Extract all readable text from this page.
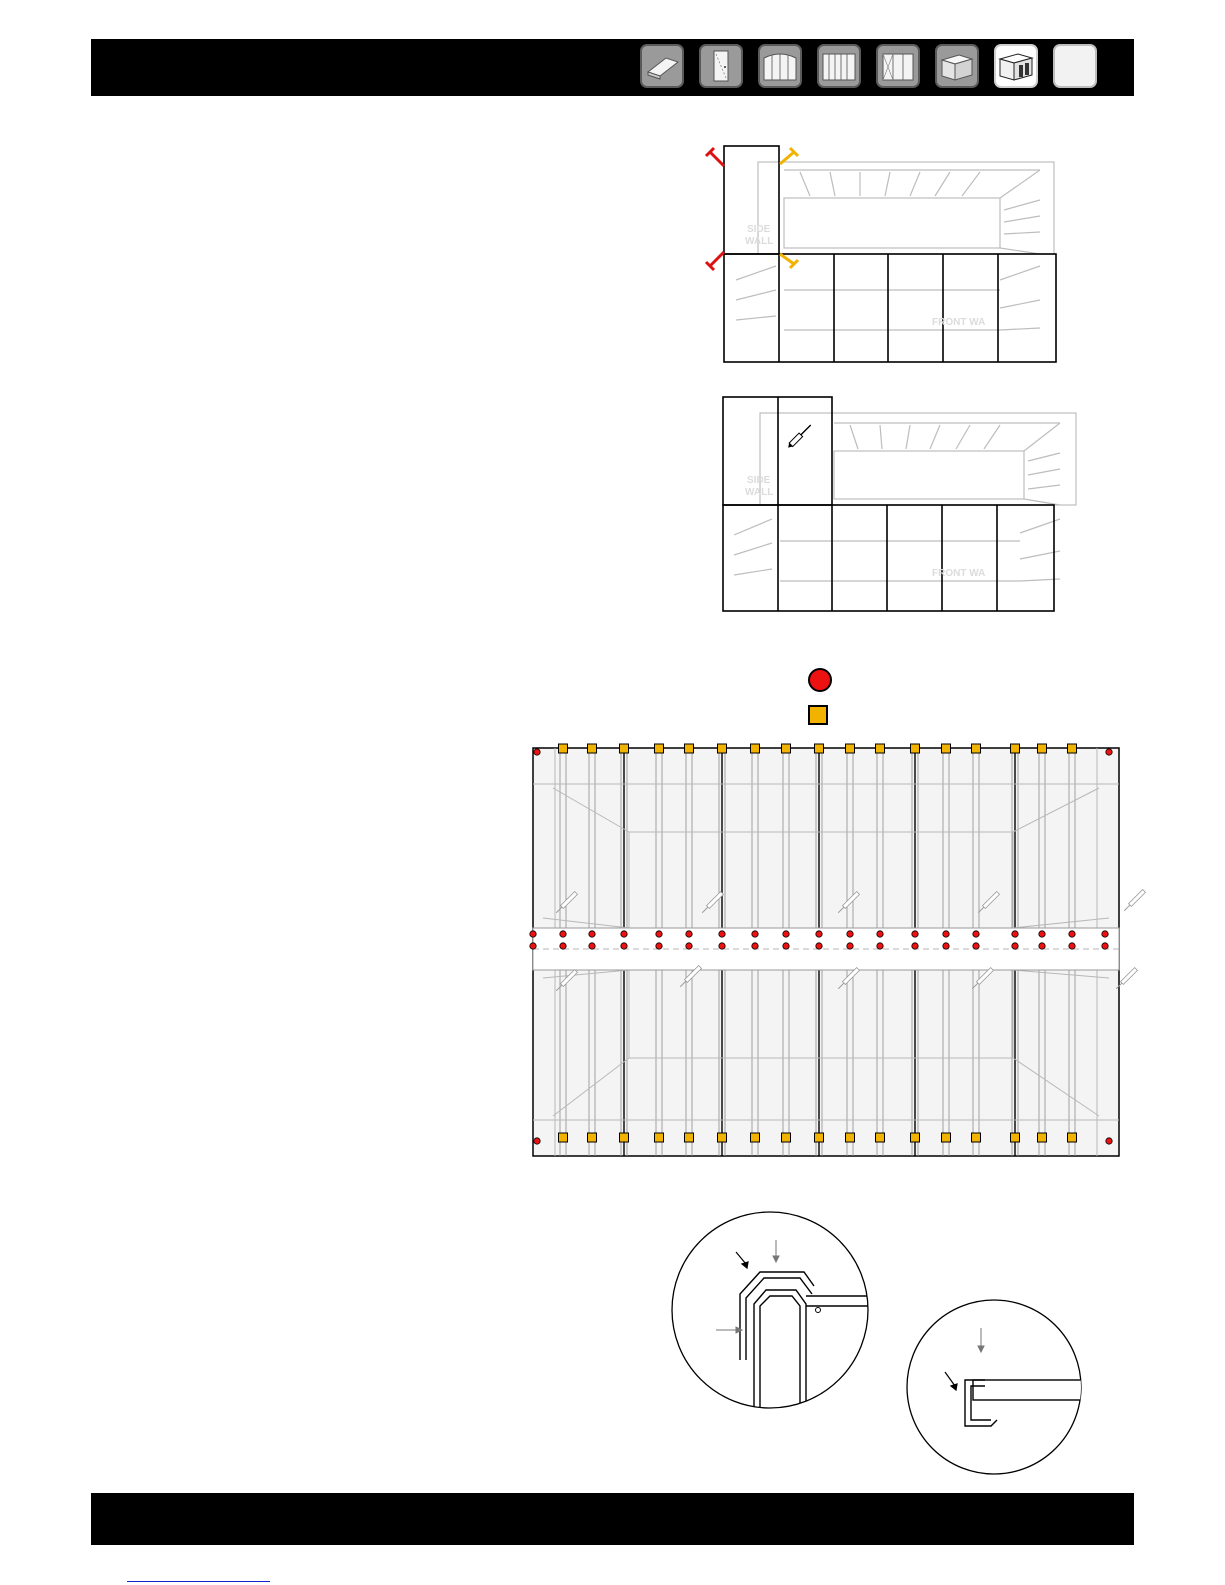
SIDE
WALL
FRONT WA
SIDE
WALL
FRONT WA
